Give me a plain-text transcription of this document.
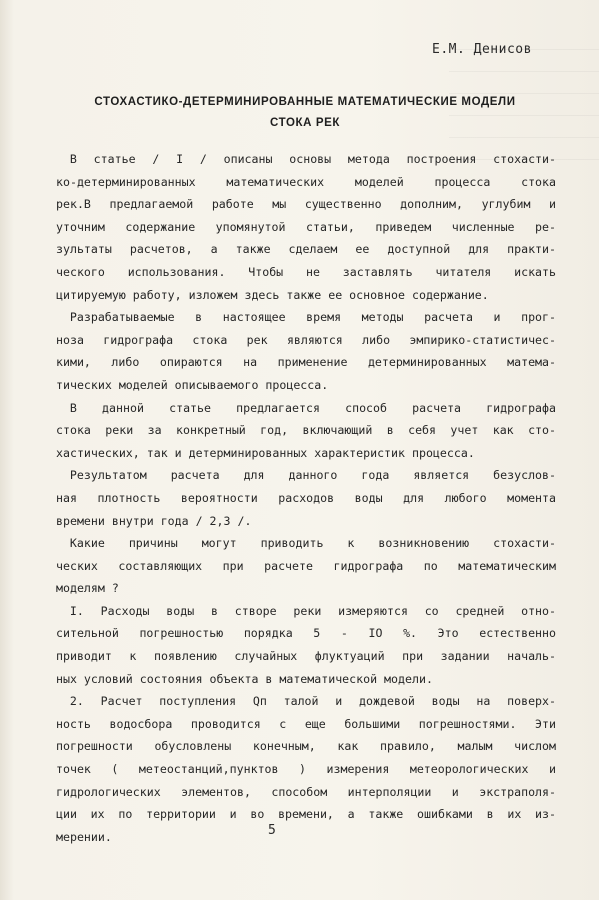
Е.М. Денисов
СТОХАСТИКО-ДЕТЕРМИНИРОВАННЫЕ МАТЕМАТИЧЕСКИЕ МОДЕЛИ
СТОКА РЕК
В статье / I / описаны основы метода построения стохасти-
ко-детерминированных математических моделей процесса стока
рек.В предлагаемой работе мы существенно дополним, углубим и
уточним содержание упомянутой статьи, приведем численные ре-
зультаты расчетов, а также сделаем ее доступной для практи-
ческого использования. Чтобы не заставлять читателя искать
цитируемую работу, изложем здесь также ее основное содержание.
Разрабатываемые в настоящее время методы расчета и прог-
ноза гидрографа стока рек являются либо эмпирико-статистичес-
кими, либо опираются на применение детерминированных матема-
тических моделей описываемого процесса.
В данной статье предлагается способ расчета гидрографа
стока реки за конкретный год, включающий в себя учет как сто-
хастических, так и детерминированных характеристик процесса.
Результатом расчета для данного года является безуслов-
ная плотность вероятности расходов воды для любого момента
времени внутри года / 2,3 /.
Какие причины могут приводить к возникновению стохасти-
ческих составляющих при расчете гидрографа по математическим
моделям ?
I. Расходы воды в створе реки измеряются со средней отно-
сительной погрешностью порядка 5 - IO %. Это естественно
приводит к появлению случайных флуктуаций при задании началь-
ных условий состояния объекта в математической модели.
2. Расчет поступления Qп талой и дождевой воды на поверх-
ность водосбора проводится с еще большими погрешностями. Эти
погрешности обусловлены конечным, как правило, малым числом
точек ( метеостанций,пунктов ) измерения метеорологических и
гидрологических элементов, способом интерполяции и экстраполя-
ции их по территории и во времени, а также ошибками в их из-
мерении.	5
